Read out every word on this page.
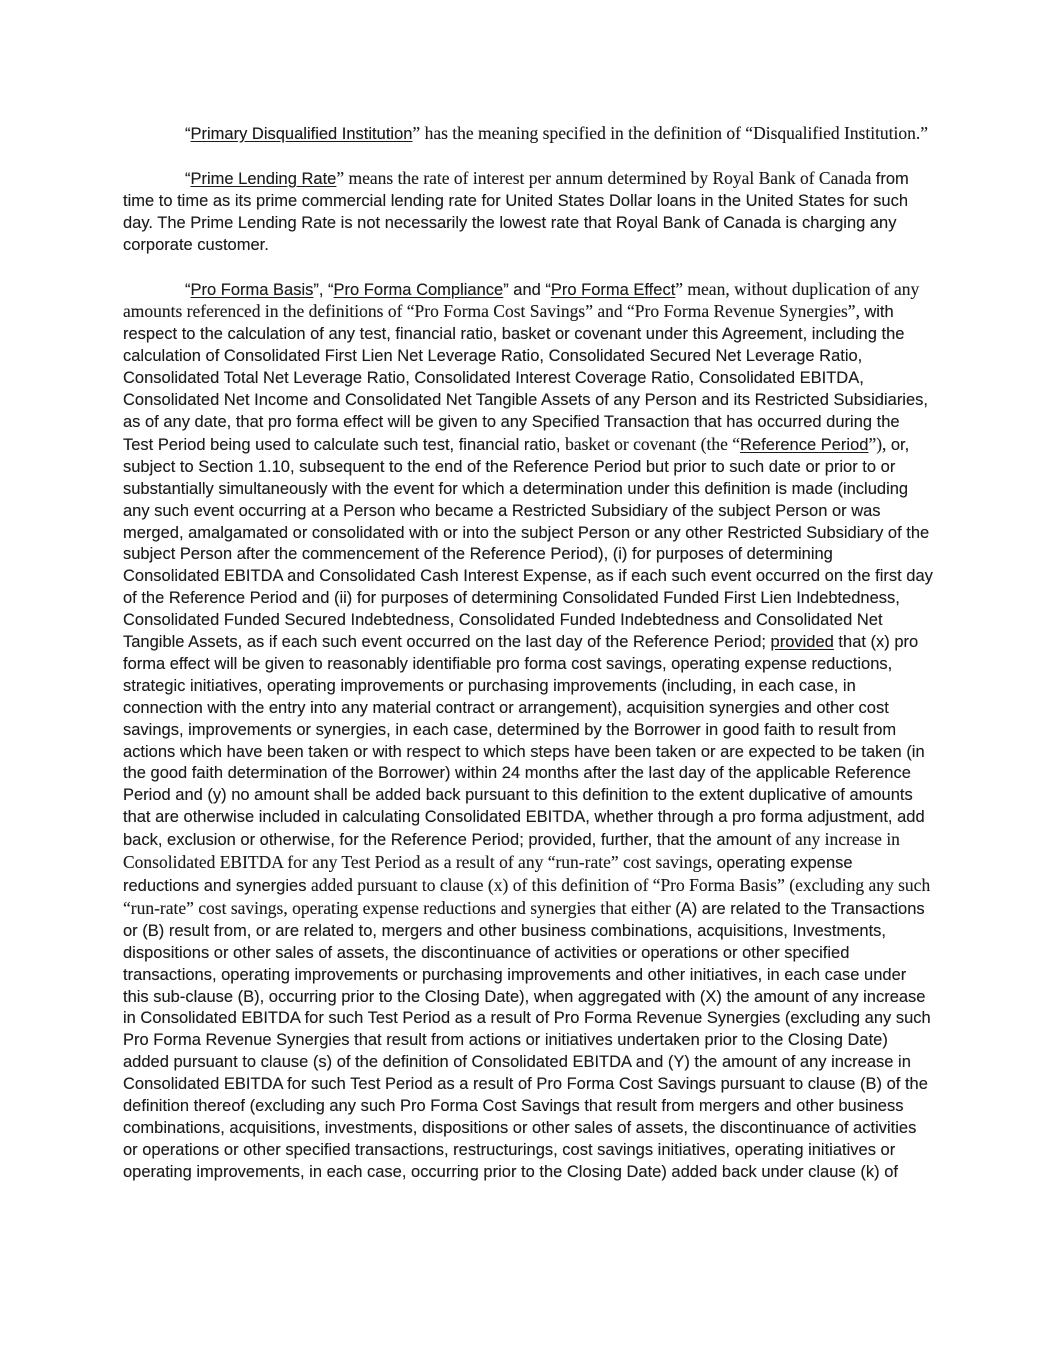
“Primary Disqualified Institution” has the meaning specified in the definition of “Disqualified Institution.”

“Prime Lending Rate” means the rate of interest per annum determined by Royal Bank of Canada from time to time as its prime commercial lending rate for United States Dollar loans in the United States for such day. The Prime Lending Rate is not necessarily the lowest rate that Royal Bank of Canada is charging any corporate customer.

“Pro Forma Basis”, “Pro Forma Compliance” and “Pro Forma Effect” mean, without duplication of any amounts referenced in the definitions of “Pro Forma Cost Savings” and “Pro Forma Revenue Synergies”, with respect to the calculation of any test, financial ratio, basket or covenant under this Agreement, including the calculation of Consolidated First Lien Net Leverage Ratio, Consolidated Secured Net Leverage Ratio, Consolidated Total Net Leverage Ratio, Consolidated Interest Coverage Ratio, Consolidated EBITDA, Consolidated Net Income and Consolidated Net Tangible Assets of any Person and its Restricted Subsidiaries, as of any date, that pro forma effect will be given to any Specified Transaction that has occurred during the Test Period being used to calculate such test, financial ratio, basket or covenant (the “Reference Period”), or, subject to Section 1.10, subsequent to the end of the Reference Period but prior to such date or prior to or substantially simultaneously with the event for which a determination under this definition is made (including any such event occurring at a Person who became a Restricted Subsidiary of the subject Person or was merged, amalgamated or consolidated with or into the subject Person or any other Restricted Subsidiary of the subject Person after the commencement of the Reference Period), (i) for purposes of determining Consolidated EBITDA and Consolidated Cash Interest Expense, as if each such event occurred on the first day of the Reference Period and (ii) for purposes of determining Consolidated Funded First Lien Indebtedness, Consolidated Funded Secured Indebtedness, Consolidated Funded Indebtedness and Consolidated Net Tangible Assets, as if each such event occurred on the last day of the Reference Period; provided that (x) pro forma effect will be given to reasonably identifiable pro forma cost savings, operating expense reductions, strategic initiatives, operating improvements or purchasing improvements (including, in each case, in connection with the entry into any material contract or arrangement), acquisition synergies and other cost savings, improvements or synergies, in each case, determined by the Borrower in good faith to result from actions which have been taken or with respect to which steps have been taken or are expected to be taken (in the good faith determination of the Borrower) within 24 months after the last day of the applicable Reference Period and (y) no amount shall be added back pursuant to this definition to the extent duplicative of amounts that are otherwise included in calculating Consolidated EBITDA, whether through a pro forma adjustment, add back, exclusion or otherwise, for the Reference Period; provided, further, that the amount of any increase in Consolidated EBITDA for any Test Period as a result of any “run-rate” cost savings, operating expense reductions and synergies added pursuant to clause (x) of this definition of “Pro Forma Basis” (excluding any such “run-rate” cost savings, operating expense reductions and synergies that either (A) are related to the Transactions or (B) result from, or are related to, mergers and other business combinations, acquisitions, Investments, dispositions or other sales of assets, the discontinuance of activities or operations or other specified transactions, operating improvements or purchasing improvements and other initiatives, in each case under this sub-clause (B), occurring prior to the Closing Date), when aggregated with (X) the amount of any increase in Consolidated EBITDA for such Test Period as a result of Pro Forma Revenue Synergies (excluding any such Pro Forma Revenue Synergies that result from actions or initiatives undertaken prior to the Closing Date) added pursuant to clause (s) of the definition of Consolidated EBITDA and (Y) the amount of any increase in Consolidated EBITDA for such Test Period as a result of Pro Forma Cost Savings pursuant to clause (B) of the definition thereof (excluding any such Pro Forma Cost Savings that result from mergers and other business combinations, acquisitions, investments, dispositions or other sales of assets, the discontinuance of activities or operations or other specified transactions, restructurings, cost savings initiatives, operating initiatives or operating improvements, in each case, occurring prior to the Closing Date) added back under clause (k) of
